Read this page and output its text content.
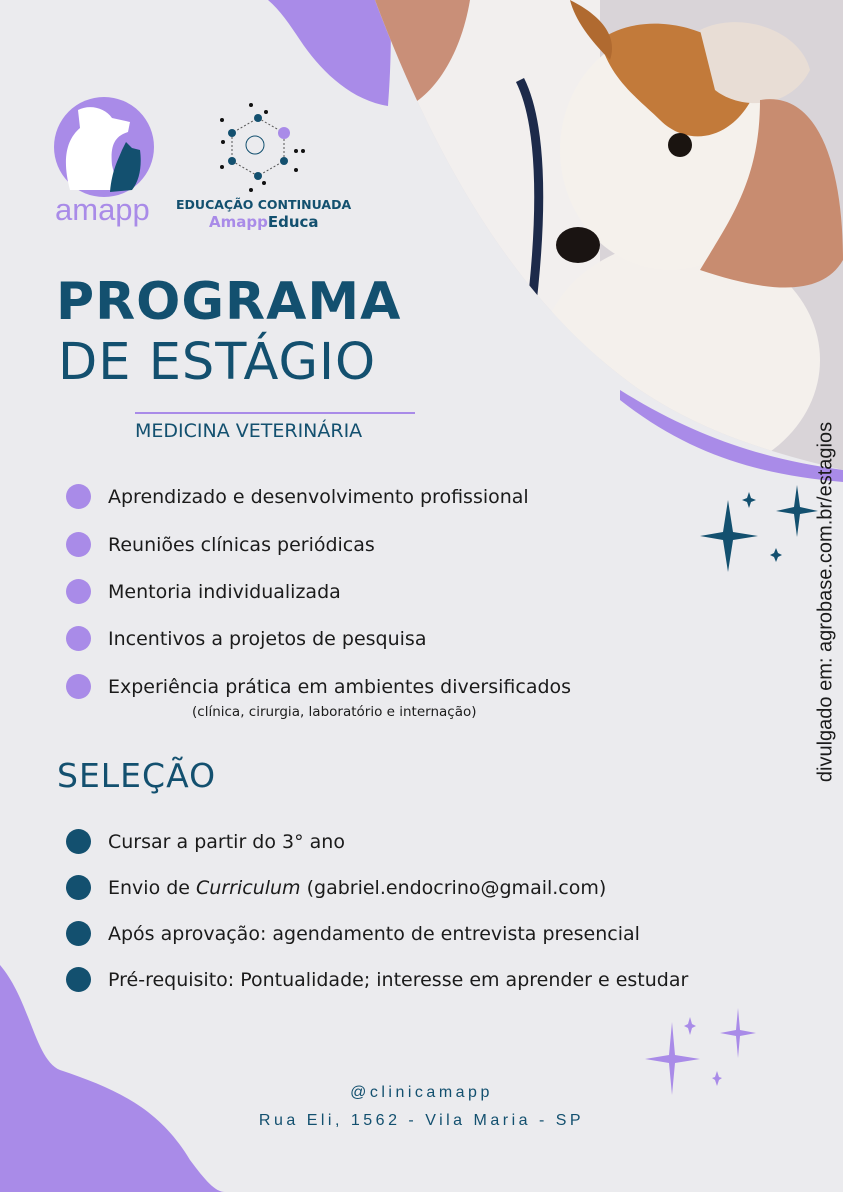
amapp EDUCAÇÃO CONTINUADA
AmappEduca
PROGRAMA
DE ESTÁGIO
MEDICINA VETERINÁRIA
Aprendizado e desenvolvimento profissional
Reuniões clínicas periódicas
Mentoria individualizada
Incentivos a projetos de pesquisa
Experiência prática em ambientes diversificados
(clínica, cirurgia, laboratório e internação)
SELEÇÃO
Cursar a partir do 3° ano
Envio de Curriculum (gabriel.endocrino@gmail.com)
Após aprovação: agendamento de entrevista presencial
Pré-requisito: Pontualidade; interesse em aprender e estudar
@clinicamapp
Rua Eli, 1562 - Vila Maria - SP
divulgado em: agrobase.com.br/estagios
